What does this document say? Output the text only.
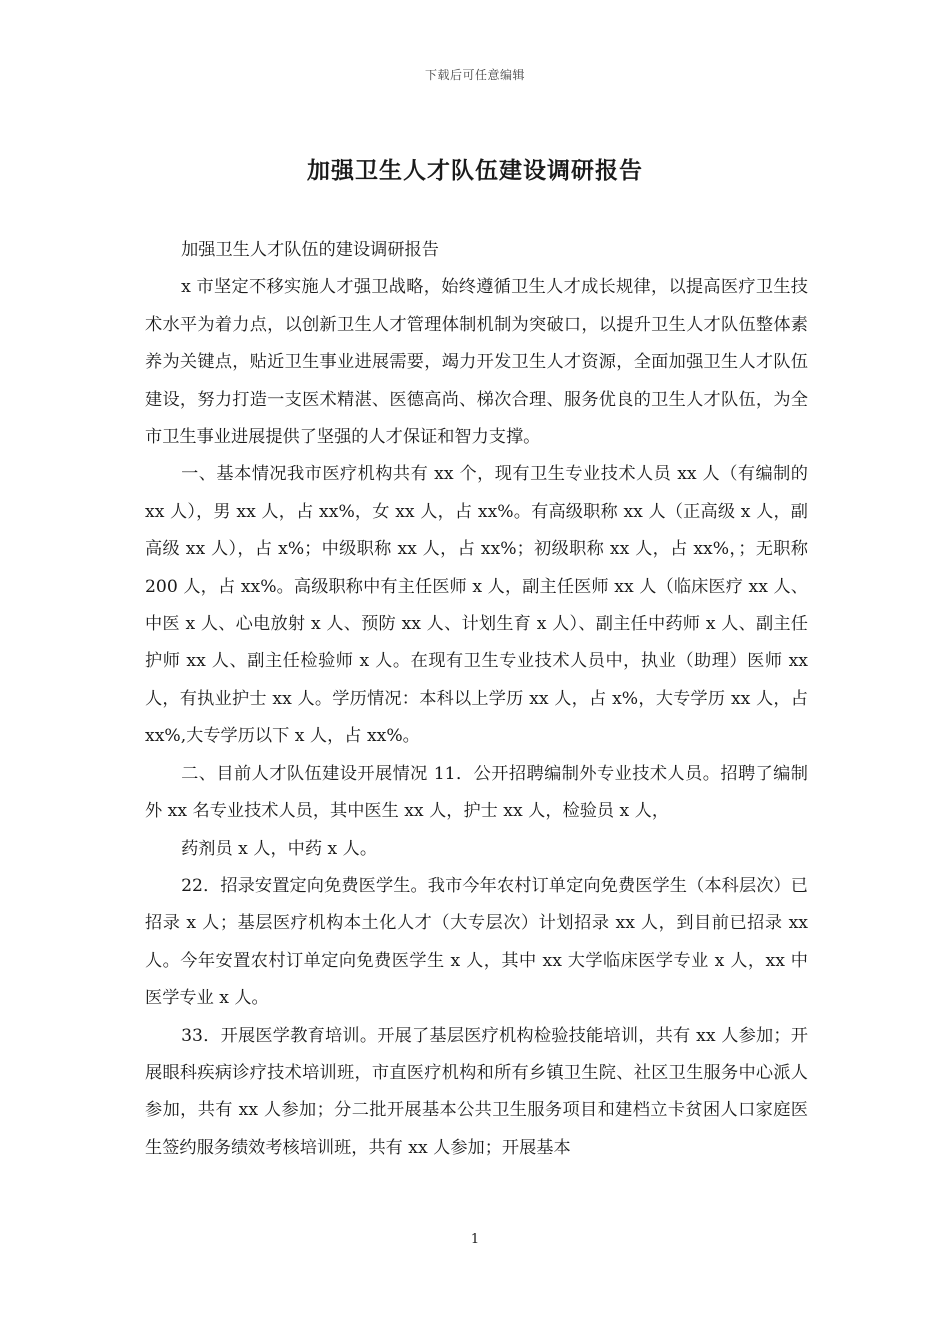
下载后可任意编辑
加强卫生人才队伍建设调研报告

加强卫生人才队伍的建设调研报告

x 市坚定不移实施人才强卫战略，始终遵循卫生人才成长规律，以提高医疗卫生技术水平为着力点，以创新卫生人才管理体制机制为突破口，以提升卫生人才队伍整体素养为关键点，贴近卫生事业进展需要，竭力开发卫生人才资源，全面加强卫生人才队伍建设，努力打造一支医术精湛、医德高尚、梯次合理、服务优良的卫生人才队伍，为全市卫生事业进展提供了坚强的人才保证和智力支撑。

一、基本情况我市医疗机构共有 xx 个，现有卫生专业技术人员 xx 人（有编制的 xx 人），男 xx 人，占 xx%，女 xx 人，占 xx%。有高级职称 xx 人（正高级 x 人，副高级 xx 人），占 x%；中级职称 xx 人，占 xx%；初级职称 xx 人，占 xx%，；无职称 200 人，占 xx%。高级职称中有主任医师 x 人，副主任医师 xx 人（临床医疗 xx 人、中医 x 人、心电放射 x 人、预防 xx 人、计划生育 x 人）、副主任中药师 x 人、副主任护师 xx 人、副主任检验师 x 人。在现有卫生专业技术人员中，执业（助理）医师 xx 人，有执业护士 xx 人。学历情况：本科以上学历 xx 人，占 x%，大专学历 xx 人，占 xx%,大专学历以下 x 人，占 xx%。

二、目前人才队伍建设开展情况 11．公开招聘编制外专业技术人员。招聘了编制外 xx 名专业技术人员，其中医生 xx 人，护士 xx 人，检验员 x 人，

药剂员 x 人，中药 x 人。

22．招录安置定向免费医学生。我市今年农村订单定向免费医学生（本科层次）已招录 x 人；基层医疗机构本土化人才（大专层次）计划招录 xx 人，到目前已招录 xx 人。今年安置农村订单定向免费医学生 x 人，其中 xx 大学临床医学专业 x 人，xx 中医学专业 x 人。

33．开展医学教育培训。开展了基层医疗机构检验技能培训，共有 xx 人参加；开展眼科疾病诊疗技术培训班，市直医疗机构和所有乡镇卫生院、社区卫生服务中心派人参加，共有 xx 人参加；分二批开展基本公共卫生服务项目和建档立卡贫困人口家庭医生签约服务绩效考核培训班，共有 xx 人参加；开展基本

1
